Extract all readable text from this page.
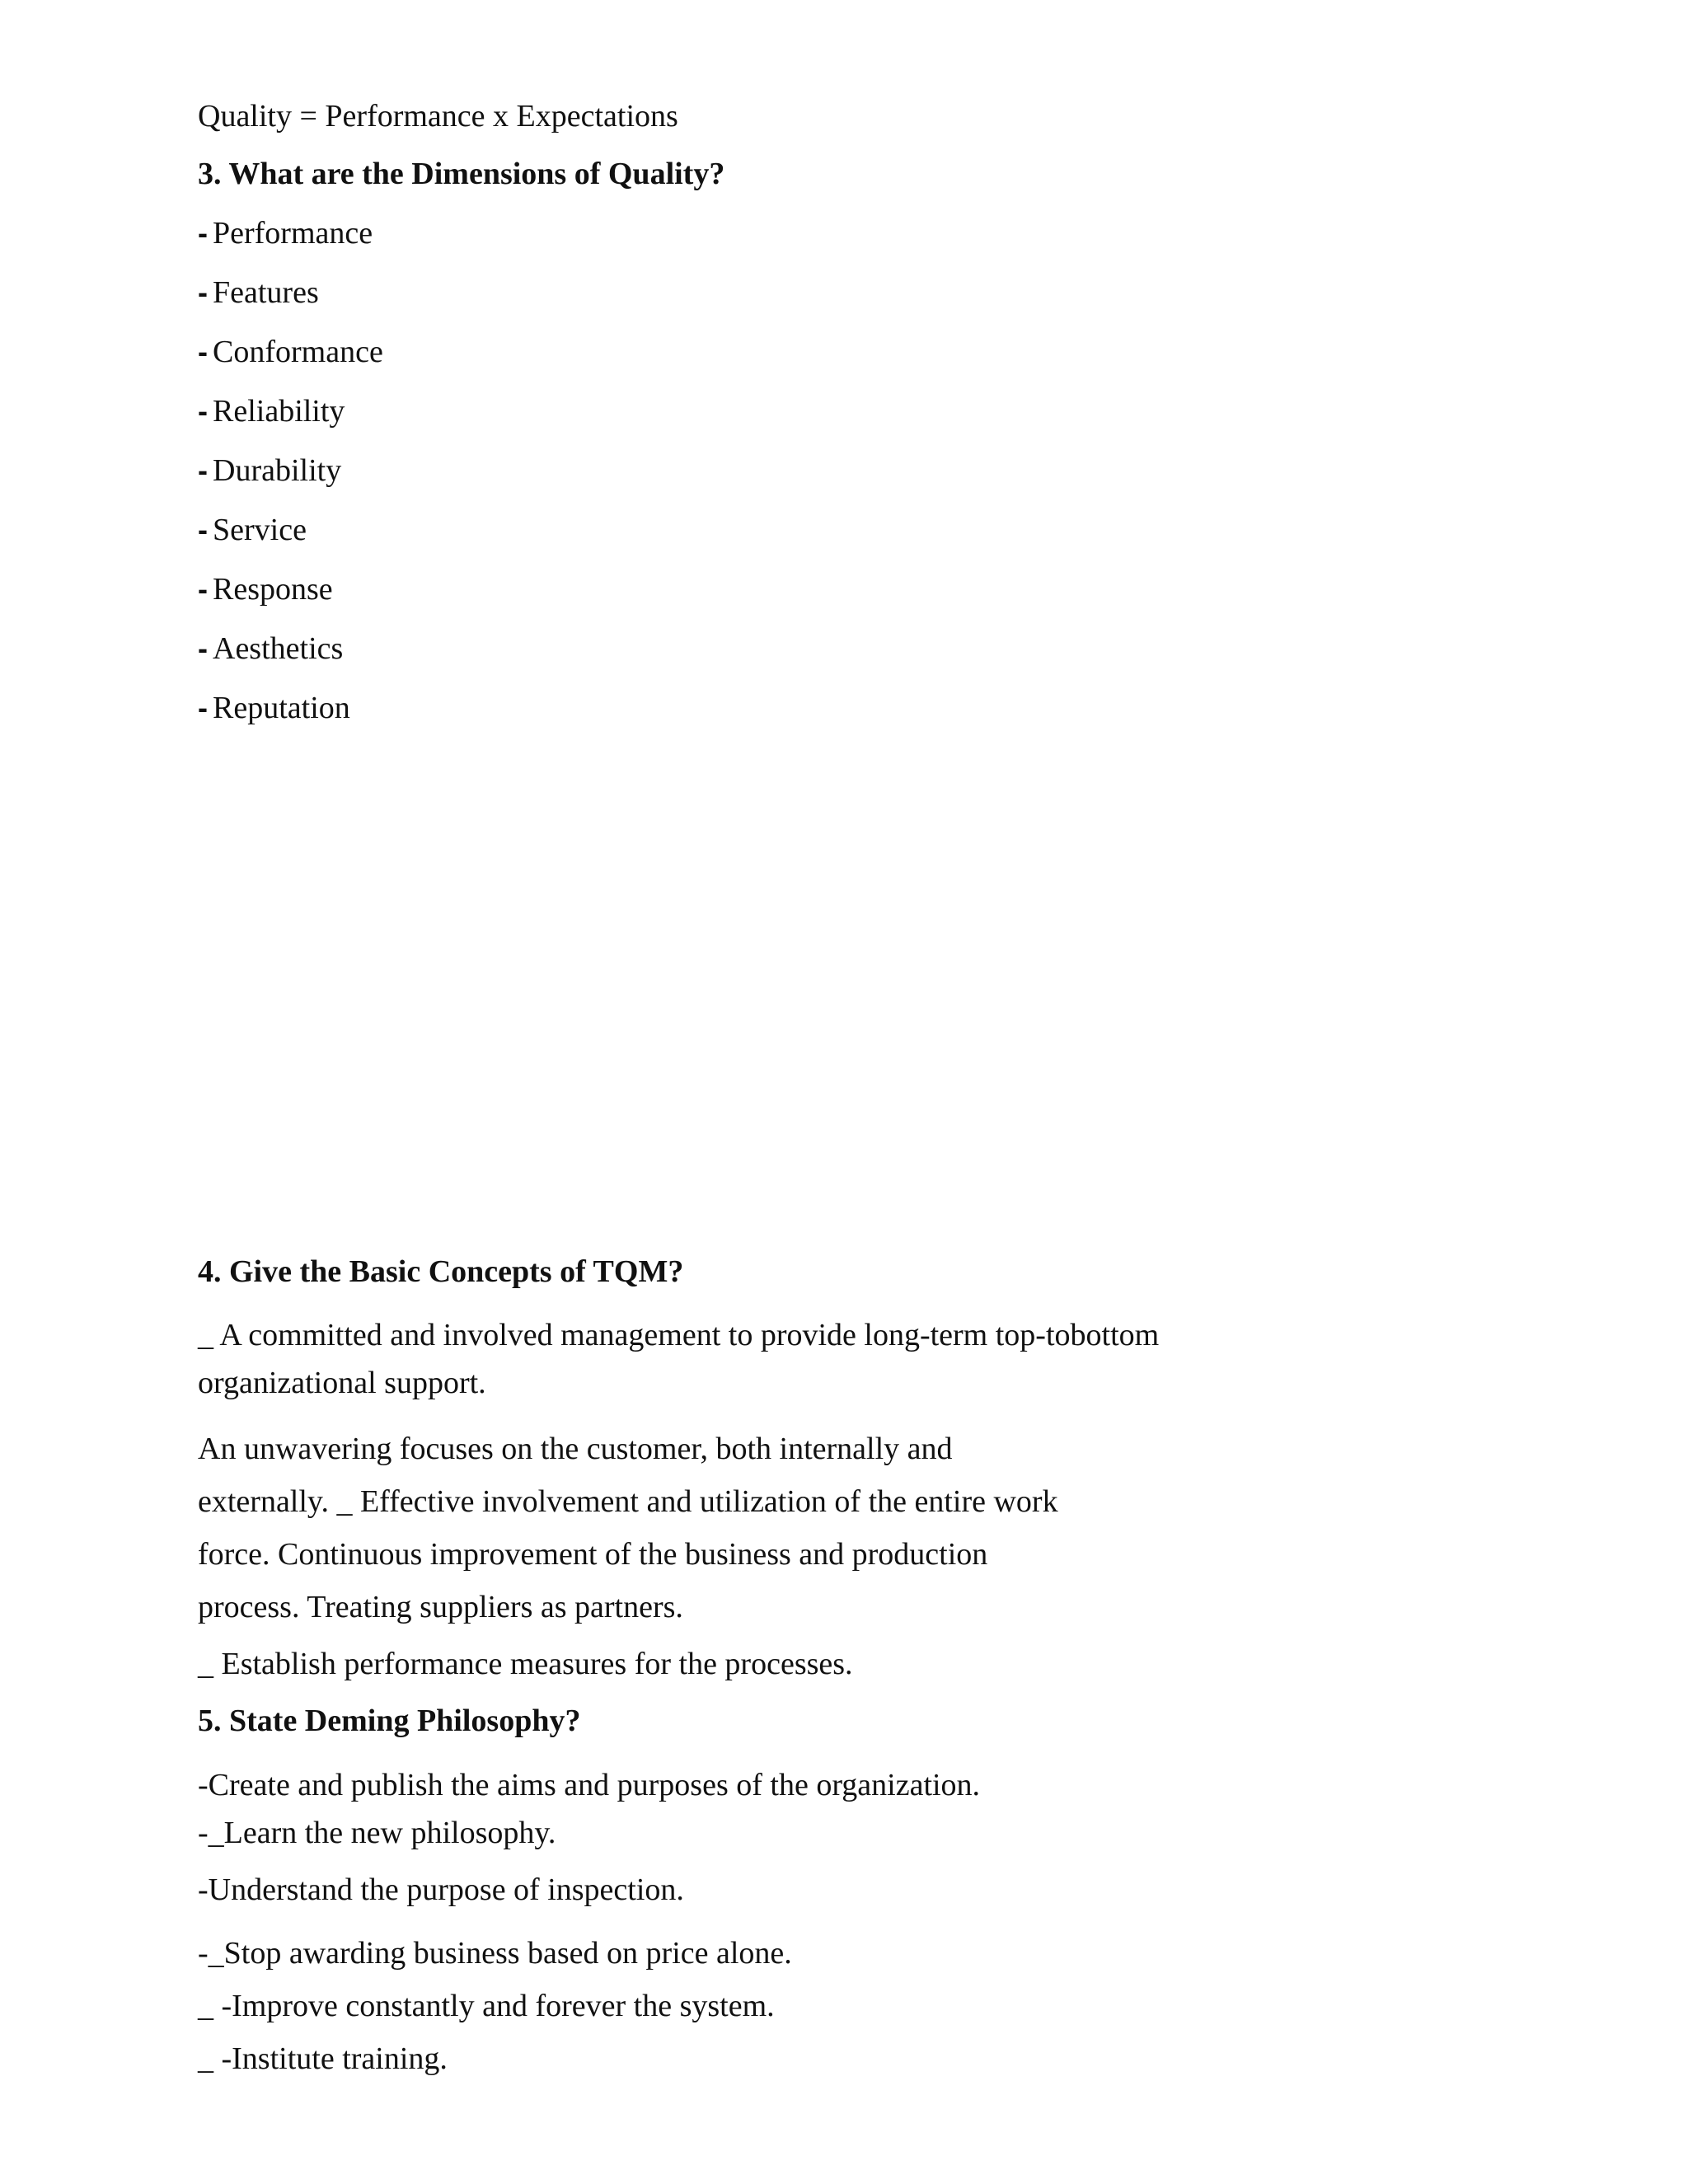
Quality = Performance x Expectations
3. What are the Dimensions of Quality?
- Performance
- Features
- Conformance
- Reliability
- Durability
- Service
- Response
- Aesthetics
- Reputation
4. Give the Basic Concepts of TQM?
_ A committed and involved management to provide long-term top-tobottom
organizational support.
An unwavering focuses on the customer, both internally and
externally. _ Effective involvement and utilization of the entire work
force. Continuous improvement of the business and production
process. Treating suppliers as partners.
_ Establish performance measures for the processes.
5. State Deming Philosophy?
-Create and publish the aims and purposes of the organization.
-_Learn the new philosophy.
-Understand the purpose of inspection.
-_Stop awarding business based on price alone.
_ -Improve constantly and forever the system.
_ -Institute training.
